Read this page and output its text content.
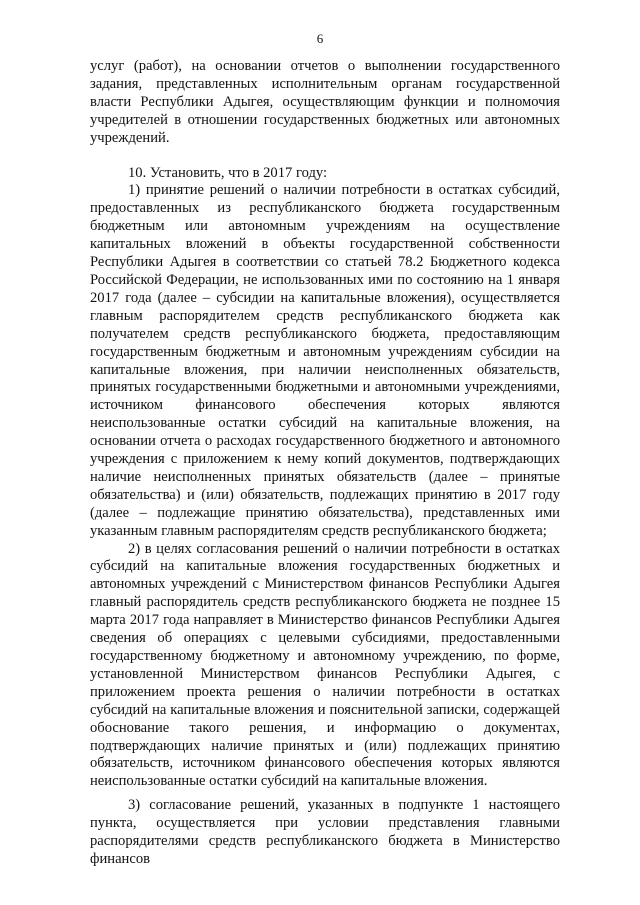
6

услуг (работ), на основании отчетов о выполнении государственного задания, представленных исполнительным органам государственной власти Республики Адыгея, осуществляющим функции и полномочия учредителей в отношении государственных бюджетных или автономных учреждений.

10. Установить, что в 2017 году:

1) принятие решений о наличии потребности в остатках субсидий, предоставленных из республиканского бюджета государственным бюджетным или автономным учреждениям на осуществление капитальных вложений в объекты государственной собственности Республики Адыгея в соответствии со статьей 78.2 Бюджетного кодекса Российской Федерации, не использованных ими по состоянию на 1 января 2017 года (далее – субсидии на капитальные вложения), осуществляется главным распорядителем средств республиканского бюджета как получателем средств республиканского бюджета, предоставляющим государственным бюджетным и автономным учреждениям субсидии на капитальные вложения, при наличии неисполненных обязательств, принятых государственными бюджетными и автономными учреждениями, источником финансового обеспечения которых являются неиспользованные остатки субсидий на капитальные вложения, на основании отчета о расходах государственного бюджетного и автономного учреждения с приложением к нему копий документов, подтверждающих наличие неисполненных принятых обязательств (далее – принятые обязательства) и (или) обязательств, подлежащих принятию в 2017 году (далее – подлежащие принятию обязательства), представленных ими указанным главным распорядителям средств республиканского бюджета;

2) в целях согласования решений о наличии потребности в остатках субсидий на капитальные вложения государственных бюджетных и автономных учреждений с Министерством финансов Республики Адыгея главный распорядитель средств республиканского бюджета не позднее 15 марта 2017 года направляет в Министерство финансов Республики Адыгея сведения об операциях с целевыми субсидиями, предоставленными государственному бюджетному и автономному учреждению, по форме, установленной Министерством финансов Республики Адыгея, с приложением проекта решения о наличии потребности в остатках субсидий на капитальные вложения и пояснительной записки, содержащей обоснование такого решения, и информацию о документах, подтверждающих наличие принятых и (или) подлежащих принятию обязательств, источником финансового обеспечения которых являются неиспользованные остатки субсидий на капитальные вложения.

3) согласование решений, указанных в подпункте 1 настоящего пункта, осуществляется при условии представления главными распорядителями средств республиканского бюджета в Министерство финансов
